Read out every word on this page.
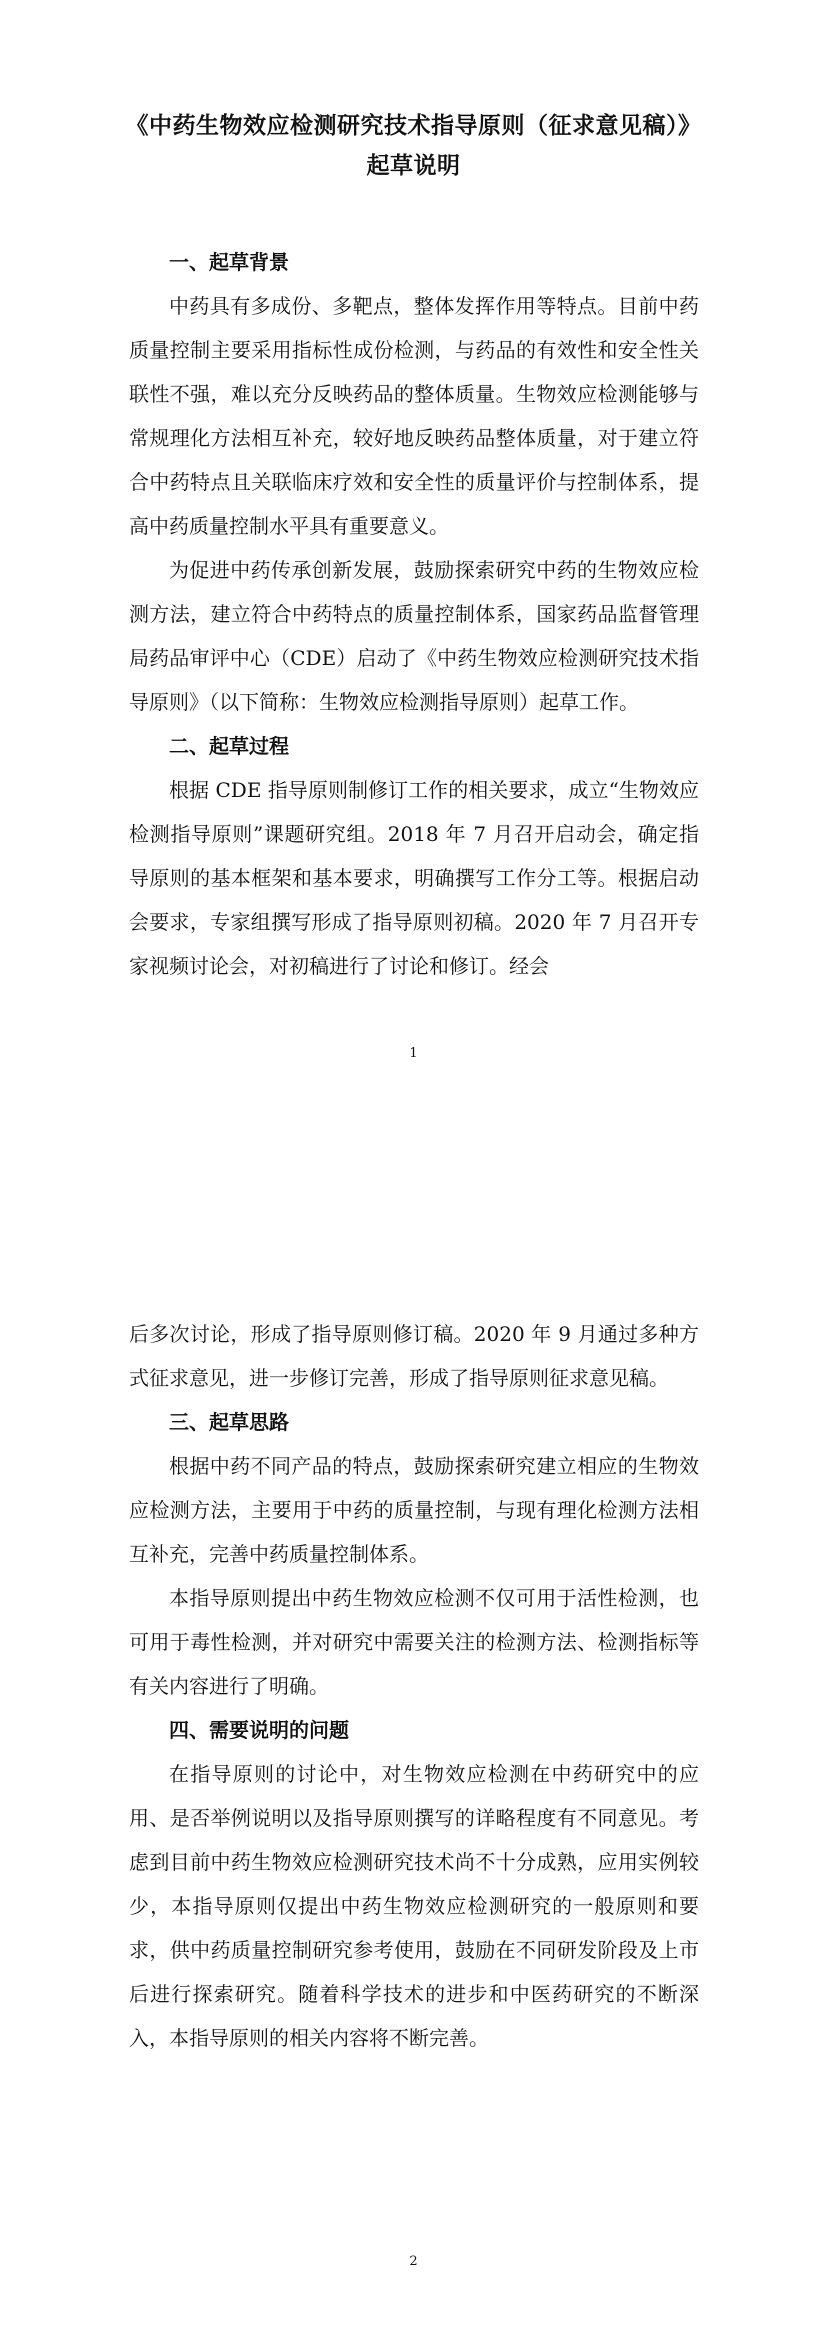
《中药生物效应检测研究技术指导原则（征求意见稿）》
起草说明
一、起草背景

中药具有多成份、多靶点，整体发挥作用等特点。目前中药质量控制主要采用指标性成份检测，与药品的有效性和安全性关联性不强，难以充分反映药品的整体质量。生物效应检测能够与常规理化方法相互补充，较好地反映药品整体质量，对于建立符合中药特点且关联临床疗效和安全性的质量评价与控制体系，提高中药质量控制水平具有重要意义。

为促进中药传承创新发展，鼓励探索研究中药的生物效应检测方法，建立符合中药特点的质量控制体系，国家药品监督管理局药品审评中心（CDE）启动了《中药生物效应检测研究技术指导原则》（以下简称：生物效应检测指导原则）起草工作。

二、起草过程

根据 CDE 指导原则制修订工作的相关要求，成立“生物效应检测指导原则”课题研究组。2018 年 7 月召开启动会，确定指导原则的基本框架和基本要求，明确撰写工作分工等。根据启动会要求，专家组撰写形成了指导原则初稿。2020 年 7 月召开专家视频讨论会，对初稿进行了讨论和修订。经会

1

后多次讨论，形成了指导原则修订稿。2020 年 9 月通过多种方式征求意见，进一步修订完善，形成了指导原则征求意见稿。

三、起草思路

根据中药不同产品的特点，鼓励探索研究建立相应的生物效应检测方法，主要用于中药的质量控制，与现有理化检测方法相互补充，完善中药质量控制体系。

本指导原则提出中药生物效应检测不仅可用于活性检测，也可用于毒性检测，并对研究中需要关注的检测方法、检测指标等有关内容进行了明确。

四、需要说明的问题

在指导原则的讨论中，对生物效应检测在中药研究中的应用、是否举例说明以及指导原则撰写的详略程度有不同意见。考虑到目前中药生物效应检测研究技术尚不十分成熟，应用实例较少，本指导原则仅提出中药生物效应检测研究的一般原则和要求，供中药质量控制研究参考使用，鼓励在不同研发阶段及上市后进行探索研究。随着科学技术的进步和中医药研究的不断深入，本指导原则的相关内容将不断完善。

2
